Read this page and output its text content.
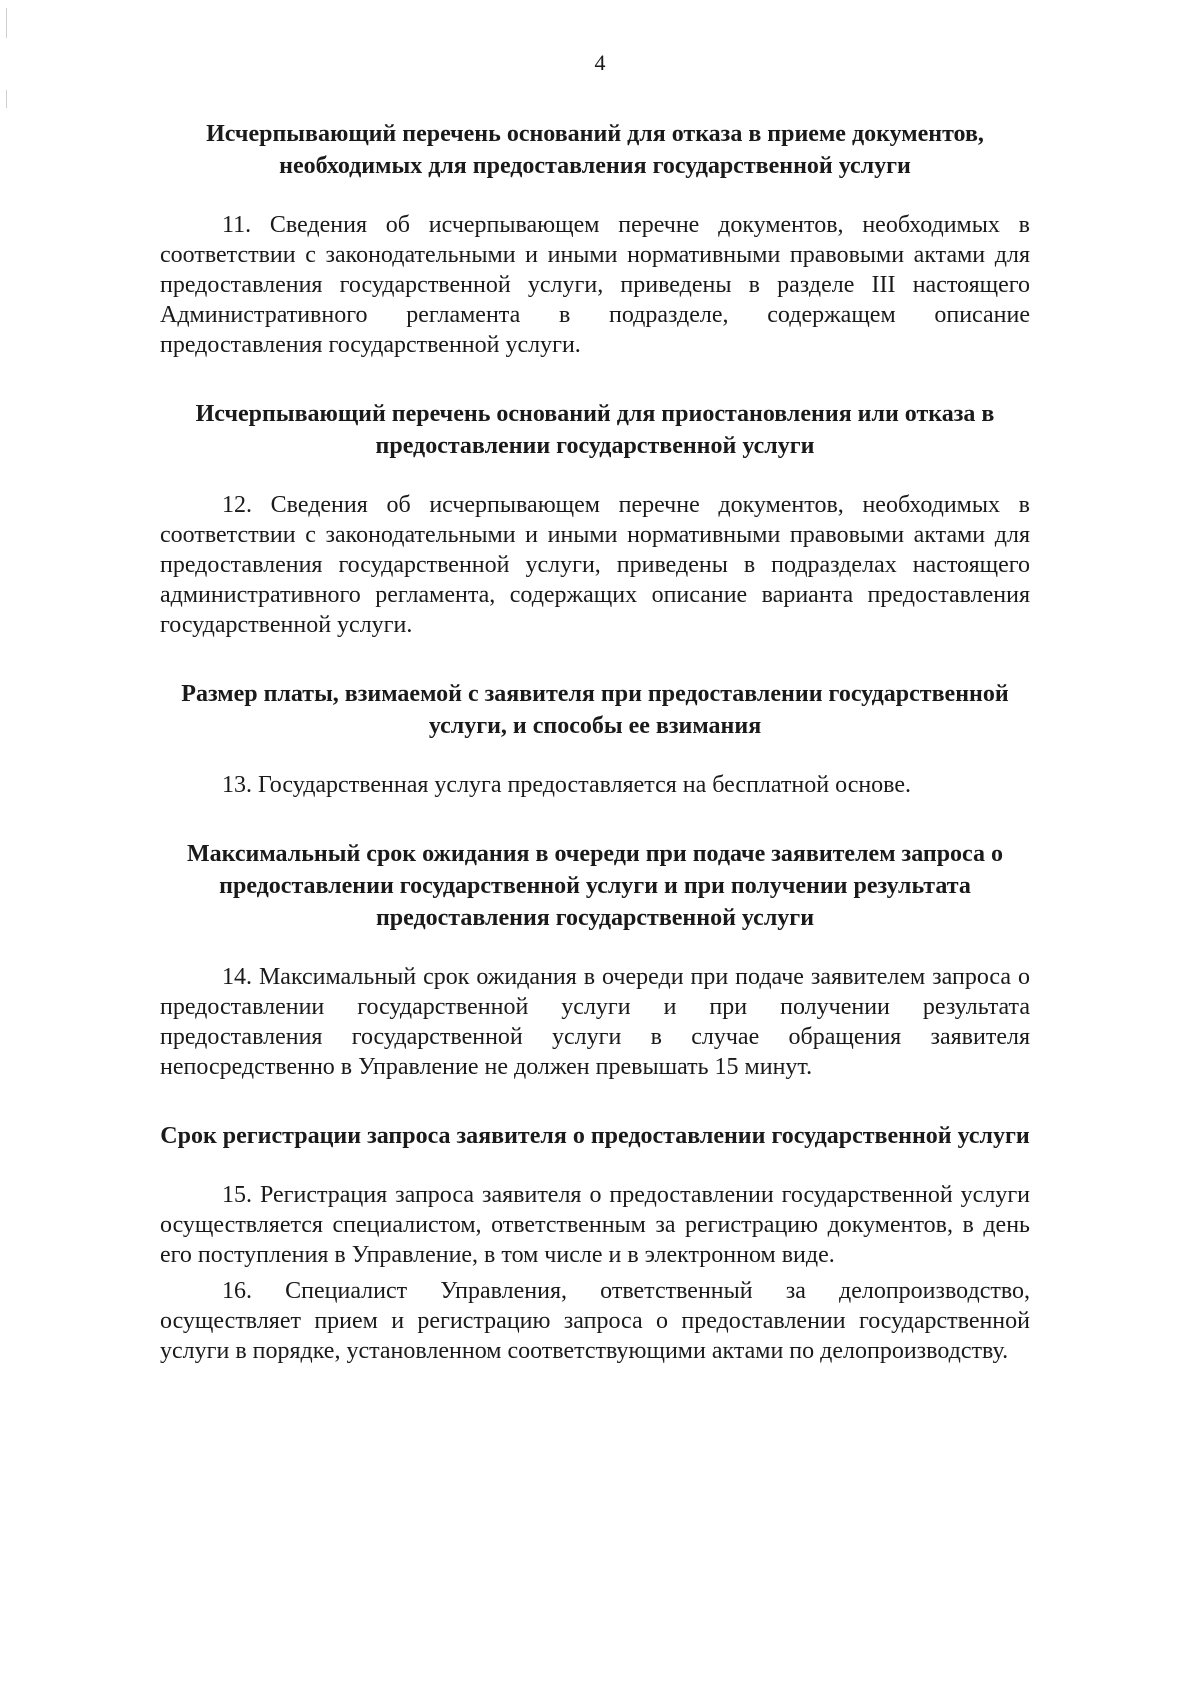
4
Исчерпывающий перечень оснований для отказа в приеме документов, необходимых для предоставления государственной услуги

11. Сведения об исчерпывающем перечне документов, необходимых в соответствии с законодательными и иными нормативными правовыми актами для предоставления государственной услуги, приведены в разделе III настоящего Административного регламента в подразделе, содержащем описание предоставления государственной услуги.

Исчерпывающий перечень оснований для приостановления или отказа в предоставлении государственной услуги

12. Сведения об исчерпывающем перечне документов, необходимых в соответствии с законодательными и иными нормативными правовыми актами для предоставления государственной услуги, приведены в подразделах настоящего административного регламента, содержащих описание варианта предоставления государственной услуги.

Размер платы, взимаемой с заявителя при предоставлении государственной услуги, и способы ее взимания

13. Государственная услуга предоставляется на бесплатной основе.

Максимальный срок ожидания в очереди при подаче заявителем запроса о предоставлении государственной услуги и при получении результата предоставления государственной услуги

14. Максимальный срок ожидания в очереди при подаче заявителем запроса о предоставлении государственной услуги и при получении результата предоставления государственной услуги в случае обращения заявителя непосредственно в Управление не должен превышать 15 минут.

Срок регистрации запроса заявителя о предоставлении государственной услуги

15. Регистрация запроса заявителя о предоставлении государственной услуги осуществляется специалистом, ответственным за регистрацию документов, в день его поступления в Управление, в том числе и в электронном виде.

16. Специалист Управления, ответственный за делопроизводство, осуществляет прием и регистрацию запроса о предоставлении государственной услуги в порядке, установленном соответствующими актами по делопроизводству.
